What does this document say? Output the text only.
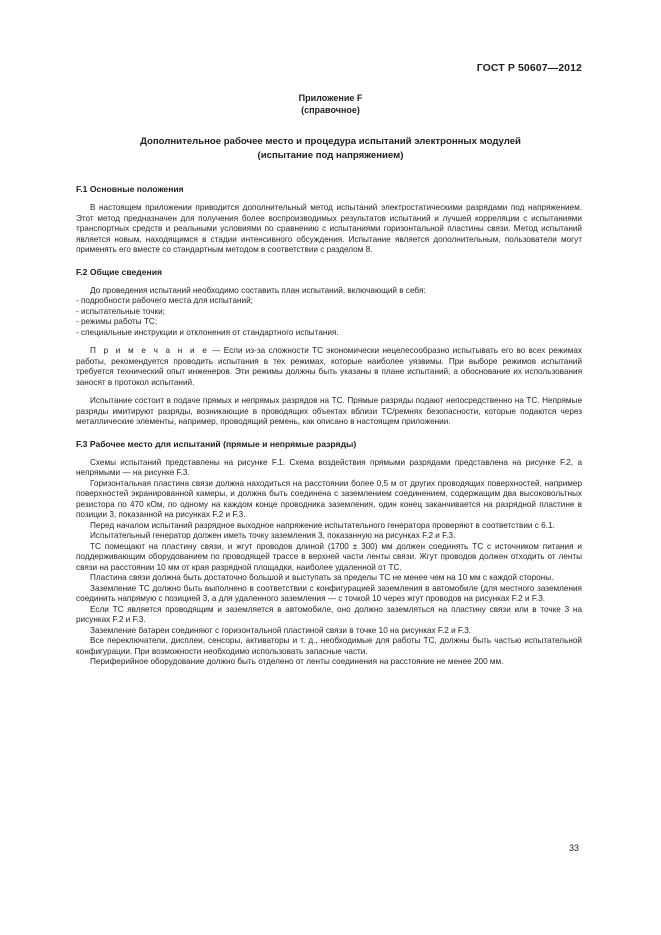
ГОСТ Р 50607—2012
Приложение F
(справочное)
Дополнительное рабочее место и процедура испытаний электронных модулей
(испытание под напряжением)
F.1 Основные положения

В настоящем приложении приводится дополнительный метод испытаний электростатическими разрядами под напряжением. Этот метод предназначен для получения более воспроизводимых результатов испытаний и лучшей корреляции с испытаниями транспортных средств и реальными условиями по сравнению с испытаниями горизонтальной пластины связи. Метод испытаний является новым, находящимся в стадии интенсивного обсуждения. Испытание является дополнительным, пользователи могут применять его вместе со стандартным методом в соответствии с разделом 8.

F.2 Общие сведения

До проведения испытаний необходимо составить план испытаний, включающий в себя:

- подробности рабочего места для испытаний;
- испытательные точки;
- режимы работы ТС;
- специальные инструкции и отклонения от стандартного испытания.

П р и м е ч а н и е — Если из-за сложности ТС экономически нецелесообразно испытывать его во всех режимах работы, рекомендуется проводить испытания в тех режимах, которые наиболее уязвимы. При выборе режимов испытаний требуется технический опыт инженеров. Эти режимы должны быть указаны в плане испытаний, а обоснование их использования заносят в протокол испытаний.

Испытание состоит в подаче прямых и непрямых разрядов на ТС. Прямые разряды подают непосредственно на ТС. Непрямые разряды имитируют разряды, возникающие в проводящих объектах вблизи ТС/ремнях безопасности, которые подаются через металлические элементы, например, проводящий ремень, как описано в настоящем приложении.

F.3 Рабочее место для испытаний (прямые и непрямые разряды)

Схемы испытаний представлены на рисунке F.1. Схема воздействия прямыми разрядами представлена на рисунке F.2, а непрямыми — на рисунке F.3.

Горизонтальная пластина связи должна находиться на расстоянии более 0,5 м от других проводящих поверхностей, например поверхностей экранированной камеры, и должна быть соединена с заземлением соединением, содержащим два высоковольтных резистора по 470 кОм, по одному на каждом конце проводника заземления, один конец заканчивается на разрядной пластине в позиции 3, показанной на рисунках F.2 и F.3.

Перед началом испытаний разрядное выходное напряжение испытательного генератора проверяют в соответствии с 6.1.

Испытательный генератор должен иметь точку заземления 3, показанную на рисунках F.2 и F.3.

ТС помещают на пластину связи, и жгут проводов длиной (1700 ± 300) мм должен соединять ТС с источником питания и поддерживающим оборудованием по проводящей трассе в верхней части ленты связи. Жгут проводов должен отходить от ленты связи на расстоянии 10 мм от края разрядной площадки, наиболее удаленной от ТС.

Пластина связи должна быть достаточно большой и выступать за пределы ТС не менее чем на 10 мм с каждой стороны.

Заземление ТС должно быть выполнено в соответствии с конфигурацией заземления в автомобиле (для местного заземления соединить напрямую с позицией 3, а для удаленного заземления — с точкой 10 через жгут проводов на рисунках F.2 и F.3.

Если ТС является проводящим и заземляется в автомобиле, оно должно заземляться на пластину связи или в точке 3 на рисунках F.2 и F.3.

Заземление батареи соединяют с горизонтальной пластиной связи в точке 10 на рисунках F.2 и F.3.

Все переключатели, дисплеи, сенсоры, активаторы и т. д., необходимые для работы ТС, должны быть частью испытательной конфигурации. При возможности необходимо использовать запасные части.

Периферийное оборудование должно быть отделено от ленты соединения на расстояние не менее 200 мм.

33
